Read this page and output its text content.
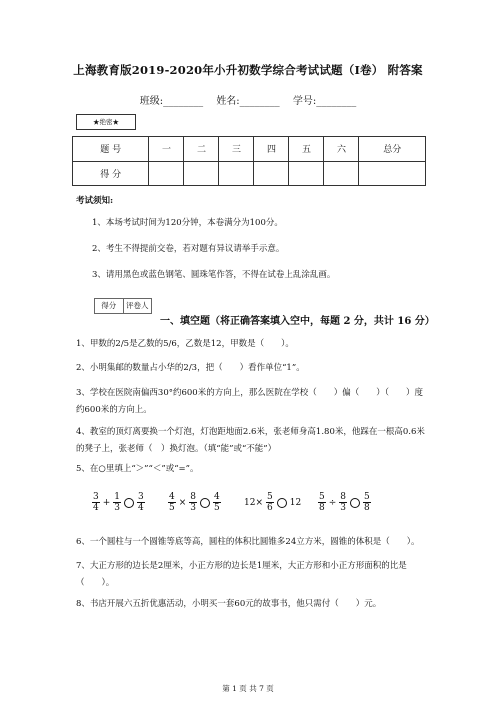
上海教育版2019-2020年小升初数学综合考试试题（I卷） 附答案
班级:________ 姓名:________ 学号:________
★绝密★
题 号	一	二	三	四	五	六	总分
得 分							
考试须知:
1、本场考试时间为120分钟，本卷满分为100分。
2、考生不得提前交卷，若对题有异议请举手示意。
3、请用黑色或蓝色钢笔、圆珠笔作答，不得在试卷上乱涂乱画。
得分	评卷人
一、填空题（将正确答案填入空中，每题 2 分，共计 16 分）
1、甲数的2/5是乙数的5/6，乙数是12，甲数是（　　）。
2、小明集邮的数量占小华的2/3，把（　　）看作单位“1”。
3、学校在医院南偏西30°约600米的方向上，那么医院在学校（　　）偏（　　）（　　）度约600米的方向上。
4、教室的顶灯离要换一个灯泡，灯泡距地面2.6米，张老师身高1.80米，他踩在一根高0.6米的凳子上，张老师（　）换灯泡。（填“能”或“不能”）
5、在○里填上“＞”“＜”或“=”。
$\frac{3}{4} + \frac{1}{3} \frac{3}{4}$	$\frac{4}{5} \times \frac{8}{3} \frac{4}{5}$	$12\times \frac{5}{6} 12 \frac{5}{8} \div \frac{8}{3} \frac{5}{8}$
6、一个圆柱与一个圆锥等底等高，圆柱的体积比圆锥多24立方米，圆锥的体积是（　　）。
7、大正方形的边长是2厘米，小正方形的边长是1厘米，大正方形和小正方形面积的比是（　　）。
8、书店开展六五折优惠活动，小明买一套60元的故事书，他只需付（　　）元。
第 1 页 共 7 页
